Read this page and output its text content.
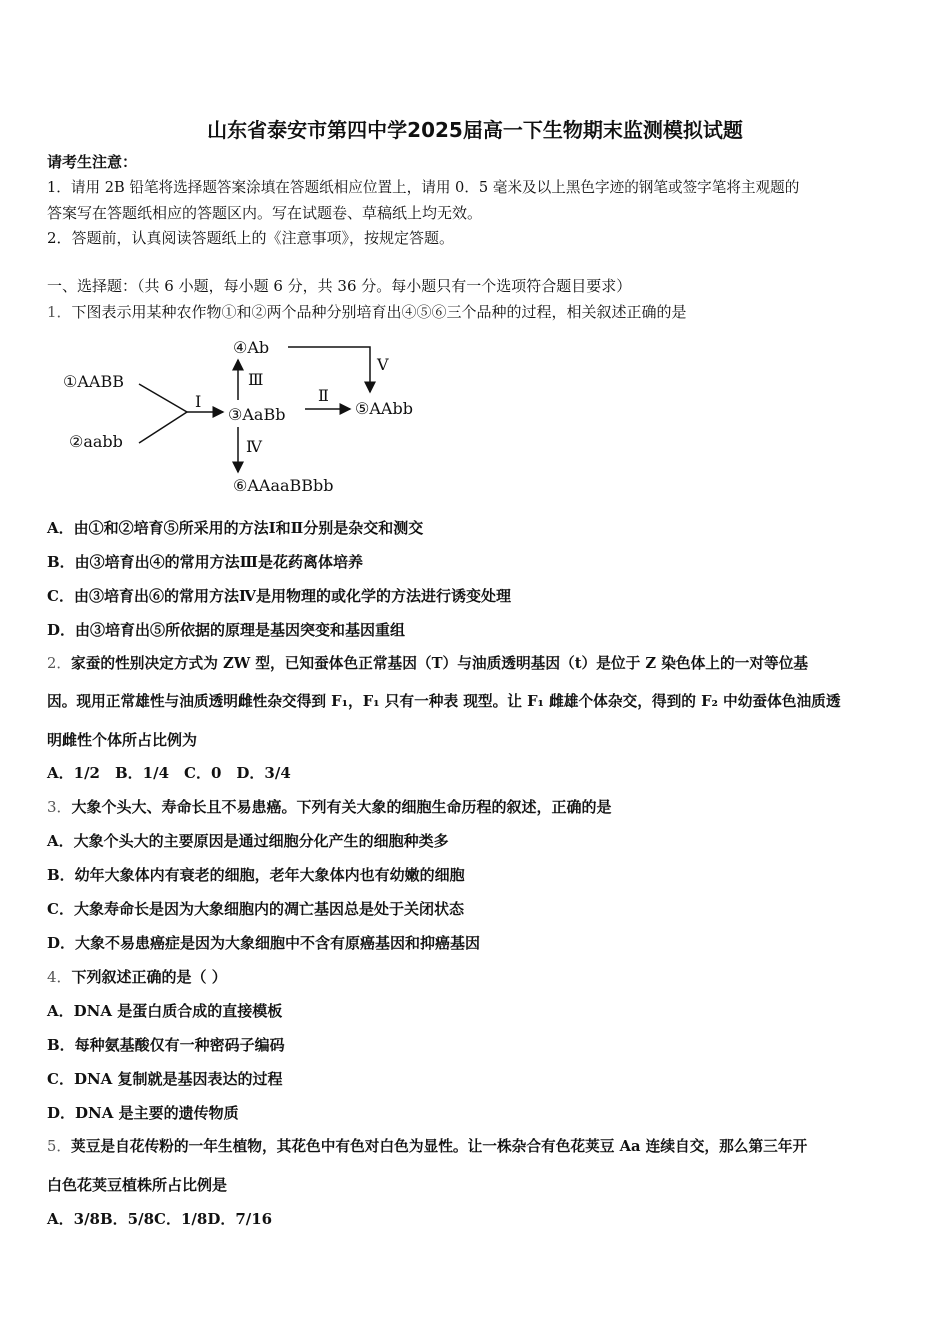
山东省泰安市第四中学2025届高一下生物期末监测模拟试题
请考生注意：
1．请用 2B 铅笔将选择题答案涂填在答题纸相应位置上，请用 0．5 毫米及以上黑色字迹的钢笔或签字笔将主观题的
答案写在答题纸相应的答题区内。写在试题卷、草稿纸上均无效。
2．答题前，认真阅读答题纸上的《注意事项》，按规定答题。
一、选择题：（共 6 小题，每小题 6 分，共 36 分。每小题只有一个选项符合题目要求）
1．下图表示用某种农作物①和②两个品种分别培育出④⑤⑥三个品种的过程，相关叙述正确的是
①AABB
②aabb
③AaBb
④Ab
⑤AAbb
⑥AAaaBBbb
Ⅰ
Ⅲ
Ⅱ
Ⅳ
Ⅴ
A．由①和②培育⑤所采用的方法Ⅰ和Ⅱ分别是杂交和测交
B．由③培育出④的常用方法Ⅲ是花药离体培养
C．由③培育出⑥的常用方法Ⅳ是用物理的或化学的方法进行诱变处理
D．由③培育出⑤所依据的原理是基因突变和基因重组
2．家蚕的性别决定方式为 ZW 型，已知蚕体色正常基因（T）与油质透明基因（t）是位于 Z 染色体上的一对等位基
因。现用正常雄性与油质透明雌性杂交得到 F₁，F₁ 只有一种表 现型。让 F₁ 雌雄个体杂交，得到的 F₂ 中幼蚕体色油质透
明雌性个体所占比例为
A．1/2　B．1/4　C．0　D．3/4
3．大象个头大、寿命长且不易患癌。下列有关大象的细胞生命历程的叙述，正确的是
A．大象个头大的主要原因是通过细胞分化产生的细胞种类多
B．幼年大象体内有衰老的细胞，老年大象体内也有幼嫩的细胞
C．大象寿命长是因为大象细胞内的凋亡基因总是处于关闭状态
D．大象不易患癌症是因为大象细胞中不含有原癌基因和抑癌基因
4．下列叙述正确的是（ ）
A．DNA 是蛋白质合成的直接模板
B．每种氨基酸仅有一种密码子编码
C．DNA 复制就是基因表达的过程
D．DNA 是主要的遗传物质
5．荚豆是自花传粉的一年生植物，其花色中有色对白色为显性。让一株杂合有色花荚豆 Aa 连续自交，那么第三年开
白色花荚豆植株所占比例是
A．3/8B．5/8C．1/8D．7/16
